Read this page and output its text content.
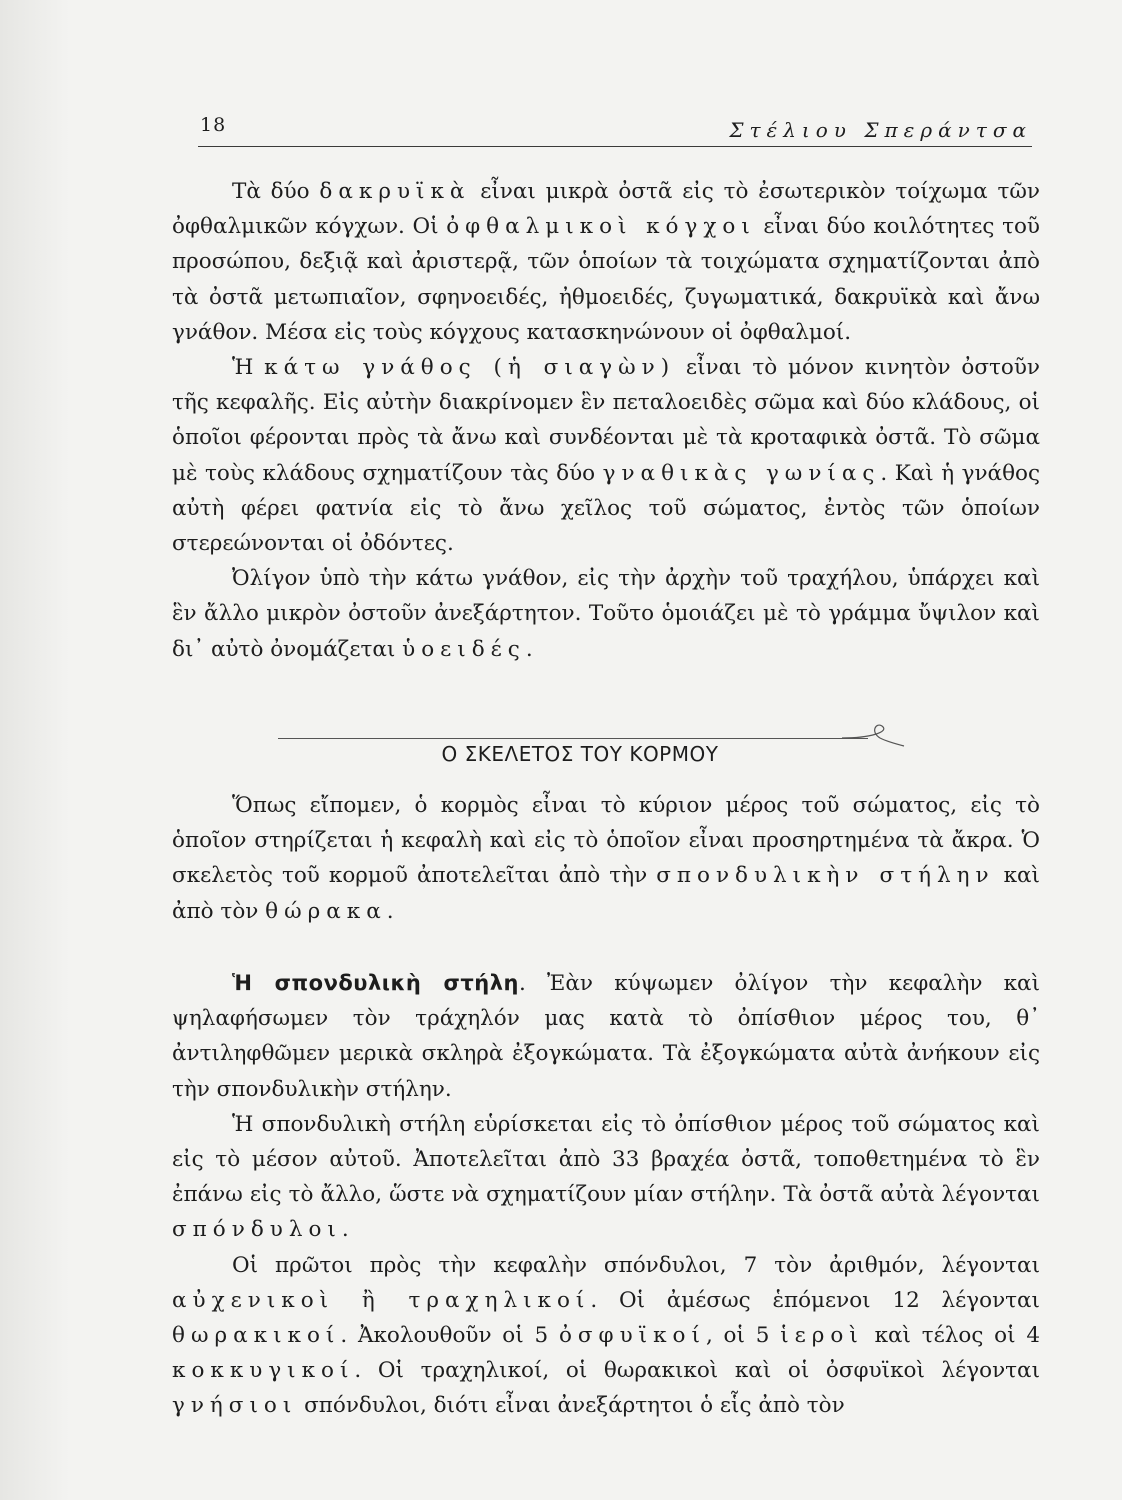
18	Στέλιου Σπεράντσα

Τὰ δύο δακρυϊκὰ εἶναι μικρὰ ὀστᾶ εἰς τὸ ἐσωτερικὸν τοίχωμα τῶν ὀφθαλμικῶν κόγχων. Οἱ ὀφθαλμικοὶ κόγχοι εἶναι δύο κοιλότητες τοῦ προσώπου, δεξιᾷ καὶ ἀριστερᾷ, τῶν ὁποίων τὰ τοιχώματα σχηματίζονται ἀπὸ τὰ ὀστᾶ μετωπιαῖον, σφηνοειδές, ἠθμοειδές, ζυγωματικά, δακρυϊκὰ καὶ ἄνω γνάθον. Μέσα εἰς τοὺς κόγχους κατασκηνώνουν οἱ ὀφθαλμοί.

Ἡ κάτω γνάθος (ἡ σιαγὼν) εἶναι τὸ μόνον κινητὸν ὀστοῦν τῆς κεφαλῆς. Εἰς αὐτὴν διακρίνομεν ἓν πεταλοειδὲς σῶμα καὶ δύο κλάδους, οἱ ὁποῖοι φέρονται πρὸς τὰ ἄνω καὶ συνδέονται μὲ τὰ κροταφικὰ ὀστᾶ. Τὸ σῶμα μὲ τοὺς κλάδους σχηματίζουν τὰς δύο γναθικὰς γωνίας. Καὶ ἡ γνάθος αὐτὴ φέρει φατνία εἰς τὸ ἄνω χεῖλος τοῦ σώματος, ἐντὸς τῶν ὁποίων στερεώνονται οἱ ὀδόντες.

Ὀλίγον ὑπὸ τὴν κάτω γνάθον, εἰς τὴν ἀρχὴν τοῦ τραχήλου, ὑπάρχει καὶ ἓν ἄλλο μικρὸν ὀστοῦν ἀνεξάρτητον. Τοῦτο ὁμοιάζει μὲ τὸ γράμμα ὔψιλον καὶ δι᾿ αὐτὸ ὀνομάζεται ὑοειδές.

Ο ΣΚΕΛΕΤΟΣ ΤΟΥ ΚΟΡΜΟΥ

Ὅπως εἴπομεν, ὁ κορμὸς εἶναι τὸ κύριον μέρος τοῦ σώματος, εἰς τὸ ὁποῖον στηρίζεται ἡ κεφαλὴ καὶ εἰς τὸ ὁποῖον εἶναι προσηρτημένα τὰ ἄκρα. Ὁ σκελετὸς τοῦ κορμοῦ ἀποτελεῖται ἀπὸ τὴν σπονδυλικὴν στήλην καὶ ἀπὸ τὸν θώρακα.

Ἡ σπονδυλικὴ στήλη. Ἐὰν κύψωμεν ὀλίγον τὴν κεφαλὴν καὶ ψηλαφήσωμεν τὸν τράχηλόν μας κατὰ τὸ ὀπίσθιον μέρος του, θ᾿ ἀντιληφθῶμεν μερικὰ σκληρὰ ἐξογκώματα. Τὰ ἐξογκώματα αὐτὰ ἀνήκουν εἰς τὴν σπονδυλικὴν στήλην.

Ἡ σπονδυλικὴ στήλη εὑρίσκεται εἰς τὸ ὀπίσθιον μέρος τοῦ σώματος καὶ εἰς τὸ μέσον αὐτοῦ. Ἀποτελεῖται ἀπὸ 33 βραχέα ὀστᾶ, τοποθετημένα τὸ ἓν ἐπάνω εἰς τὸ ἄλλο, ὥστε νὰ σχηματίζουν μίαν στήλην. Τὰ ὀστᾶ αὐτὰ λέγονται σπόνδυλοι.

Οἱ πρῶτοι πρὸς τὴν κεφαλὴν σπόνδυλοι, 7 τὸν ἀριθμόν, λέγονται αὐχενικοὶ ἢ τραχηλικοί. Οἱ ἀμέσως ἑπόμενοι 12 λέγονται θωρακικοί. Ἀκολουθοῦν οἱ 5 ὀσφυϊκοί, οἱ 5 ἱεροὶ καὶ τέλος οἱ 4 κοκκυγικοί. Οἱ τραχηλικοί, οἱ θωρακικοὶ καὶ οἱ ὀσφυϊκοὶ λέγονται γνήσιοι σπόνδυλοι, διότι εἶναι ἀνεξάρτητοι ὁ εἷς ἀπὸ τὸν
